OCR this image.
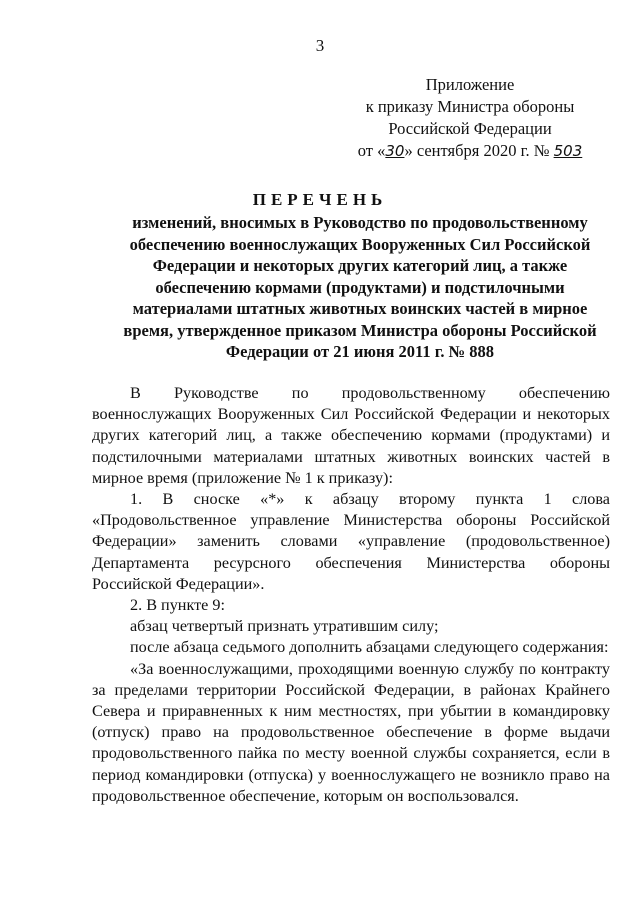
3
Приложение
к приказу Министра обороны
Российской Федерации
от «30» сентября 2020 г. № 503
ПЕРЕЧЕНЬ
изменений, вносимых в Руководство по продовольственному обеспечению военнослужащих Вооруженных Сил Российской Федерации и некоторых других категорий лиц, а также обеспечению кормами (продуктами) и подстилочными материалами штатных животных воинских частей в мирное время, утвержденное приказом Министра обороны Российской Федерации от 21 июня 2011 г. № 888

В Руководстве по продовольственному обеспечению военнослужащих Вооруженных Сил Российской Федерации и некоторых других категорий лиц, а также обеспечению кормами (продуктами) и подстилочными материалами штатных животных воинских частей в мирное время (приложение № 1 к приказу):

1. В сноске «*» к абзацу второму пункта 1 слова «Продовольственное управление Министерства обороны Российской Федерации» заменить словами «управление (продовольственное) Департамента ресурсного обеспечения Министерства обороны Российской Федерации».

2. В пункте 9:

абзац четвертый признать утратившим силу;

после абзаца седьмого дополнить абзацами следующего содержания:

«За военнослужащими, проходящими военную службу по контракту за пределами территории Российской Федерации, в районах Крайнего Севера и приравненных к ним местностях, при убытии в командировку (отпуск) право на продовольственное обеспечение в форме выдачи продовольственного пайка по месту военной службы сохраняется, если в период командировки (отпуска) у военнослужащего не возникло право на продовольственное обеспечение, которым он воспользовался.
